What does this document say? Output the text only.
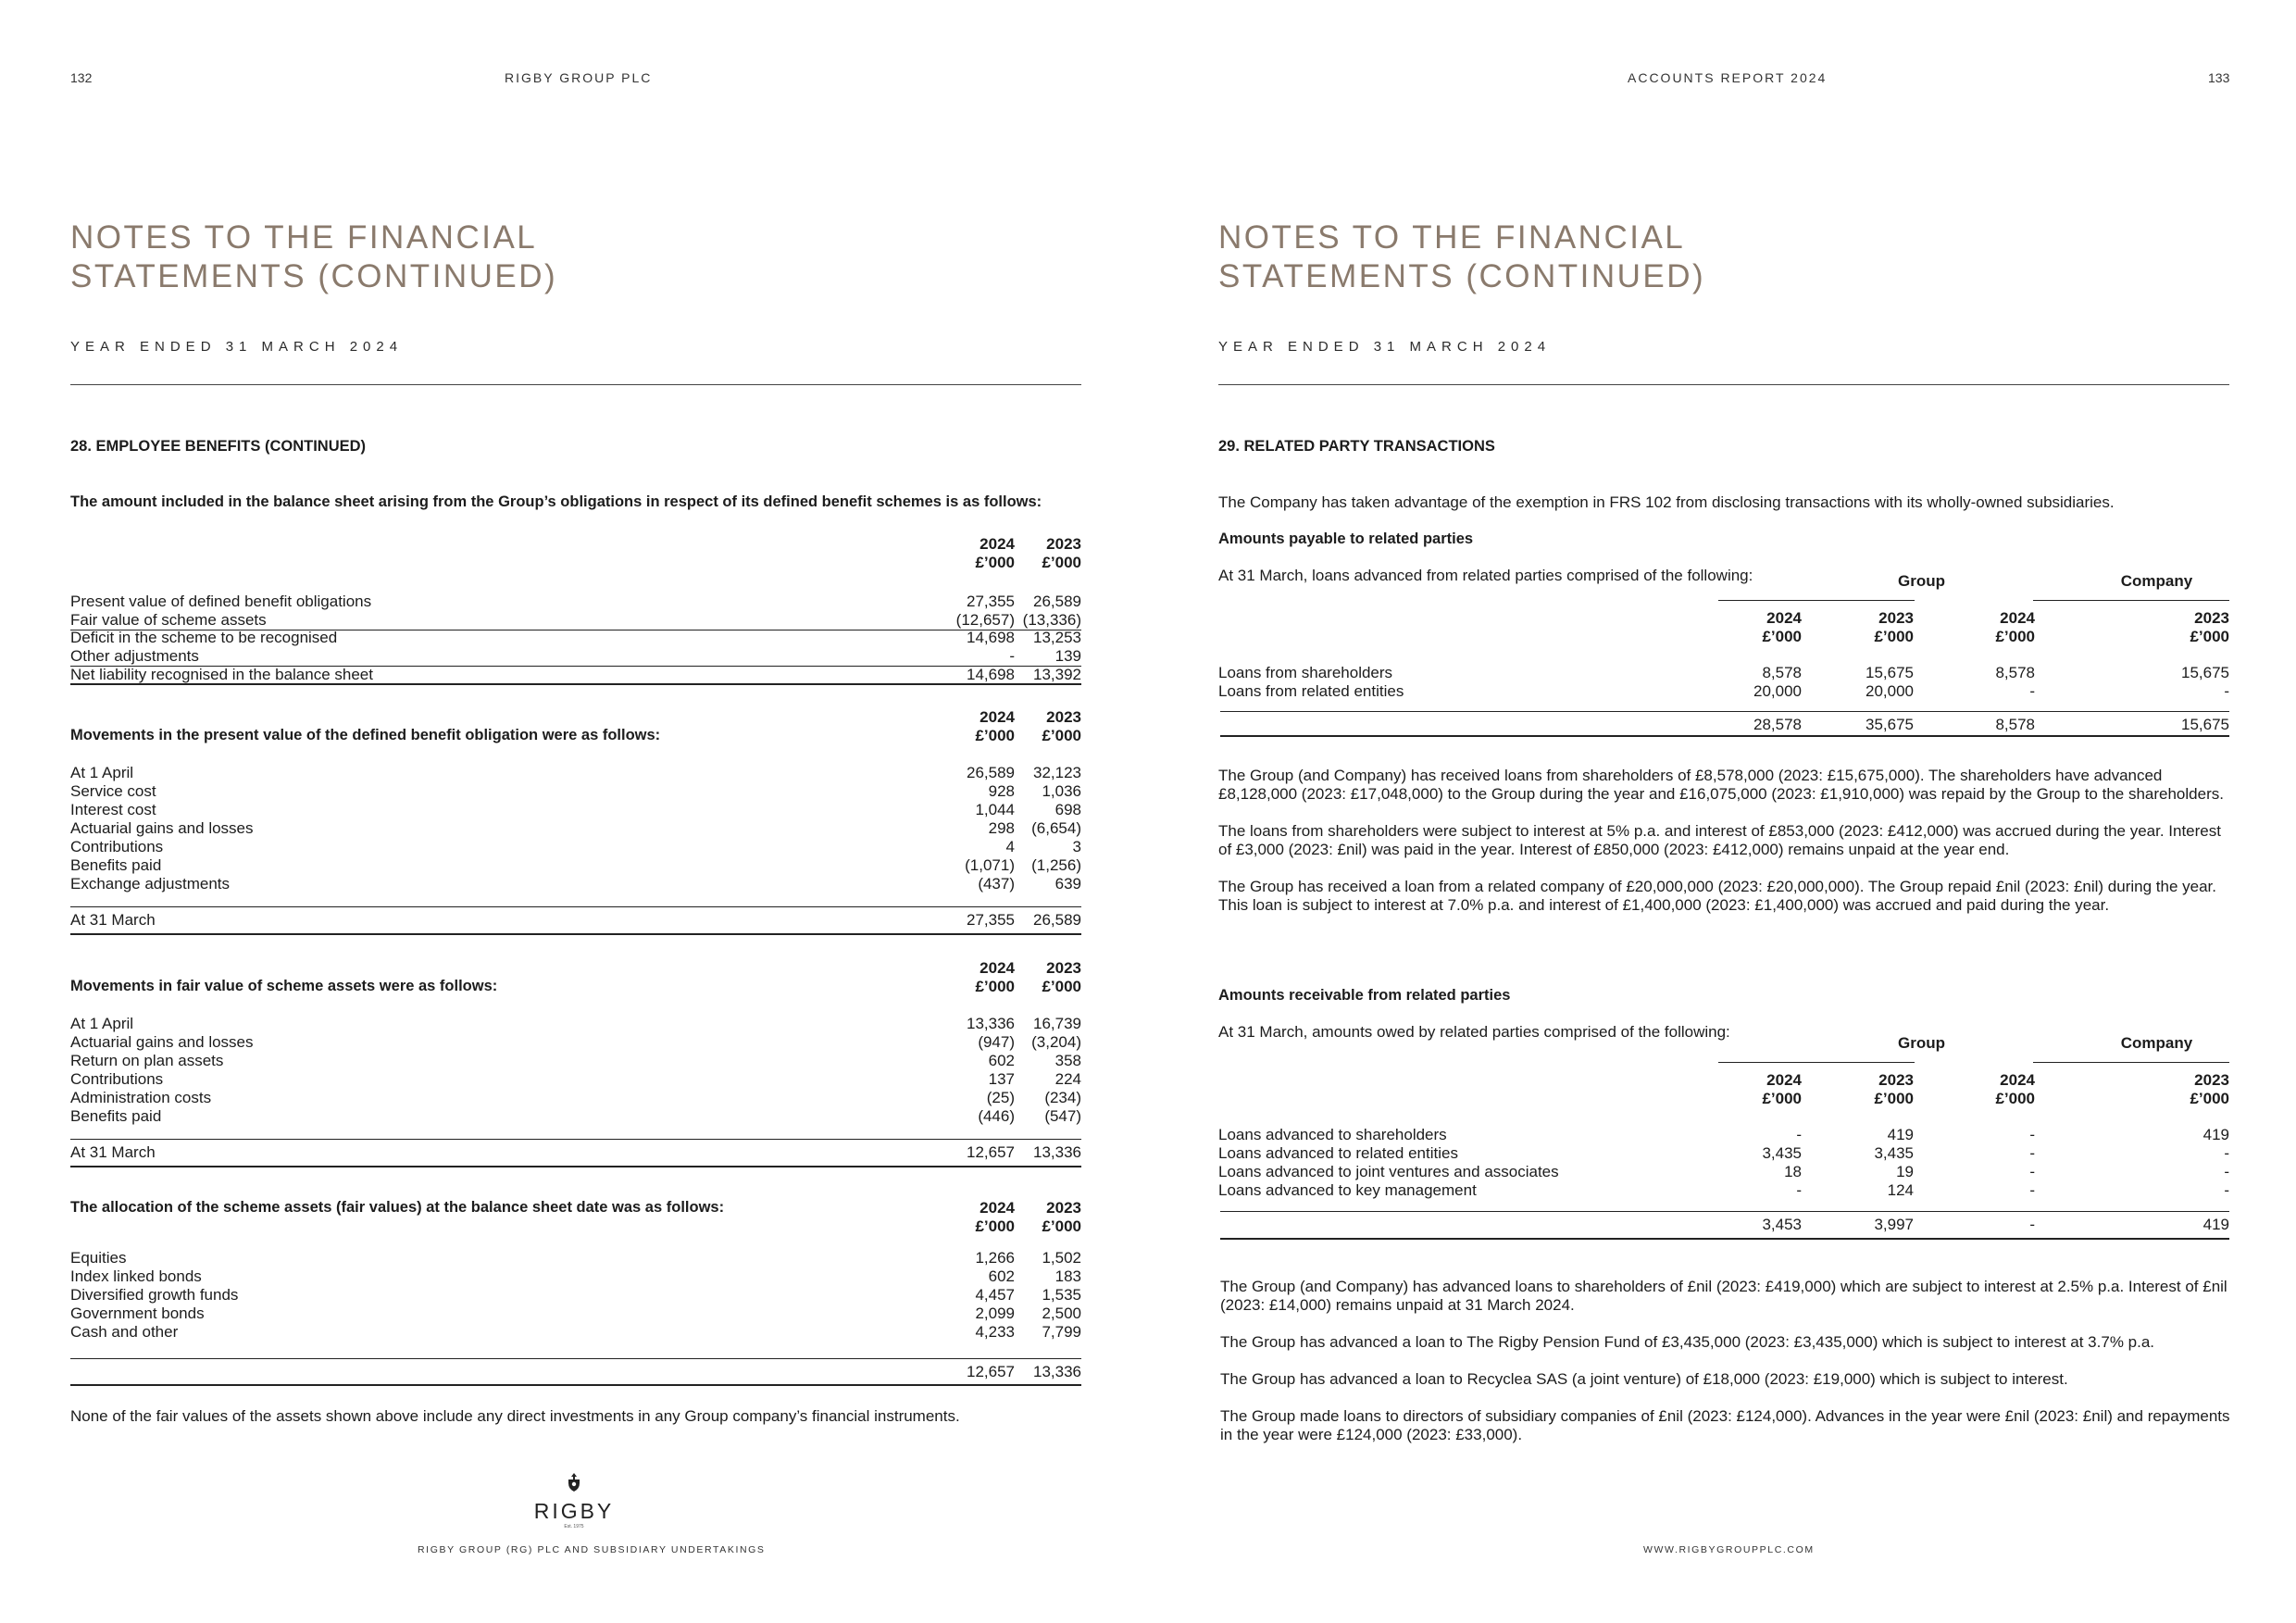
132	RIGBY GROUP PLC
NOTES TO THE FINANCIAL
STATEMENTS (CONTINUED)
YEAR ENDED 31 MARCH 2024
28. EMPLOYEE BENEFITS (CONTINUED)
The amount included in the balance sheet arising from the Group’s obligations in respect of its defined benefit schemes is as follows:
2024
£’000
2023
£’000
Present value of defined benefit obligations	27,355	26,589
Fair value of scheme assets	(12,657) (13,336)
Deficit in the scheme to be recognised	14,698	13,253
Other adjustments	-	139
Net liability recognised in the balance sheet	14,698	13,392
2024
£’000
2023
£’000
Movements in the present value of the defined benefit obligation were as follows:
At 1 April	26,589	32,123
Service cost	928	1,036
Interest cost	1,044	698
Actuarial gains and losses	298	(6,654)
Contributions	4	3
Benefits paid	(1,071)	(1,256)
Exchange adjustments	(437)	639
At 31 March	27,355	26,589
2024
£’000
2023
£’000
Movements in fair value of scheme assets were as follows:
At 1 April	13,336	16,739
Actuarial gains and losses	(947)	(3,204)
Return on plan assets	602	358
Contributions	137	224
Administration costs	(25)	(234)
Benefits paid	(446)	(547)
At 31 March	12,657	13,336
The allocation of the scheme assets (fair values) at the balance sheet date was as follows:	2024
£’000
2023
£’000
Equities	1,266	1,502
Index linked bonds	602	183
Diversified growth funds	4,457	1,535
Government bonds	2,099	2,500
Cash and other	4,233	7,799
12,657	13,336
None of the fair values of the assets shown above include any direct investments in any Group company’s financial instruments.
RIGBY
Est. 1975
RIGBY GROUP (RG) PLC AND SUBSIDIARY UNDERTAKINGS
ACCOUNTS REPORT 2024	133
NOTES TO THE FINANCIAL
STATEMENTS (CONTINUED)
YEAR ENDED 31 MARCH 2024
29. RELATED PARTY TRANSACTIONS
The Company has taken advantage of the exemption in FRS 102 from disclosing transactions with its wholly-owned subsidiaries.
Amounts payable to related parties
At 31 March, loans advanced from related parties comprised of the following:	Group	Company
2024
£’000
2023
£’000
2024
£’000
2023
£’000
Loans from shareholders	8,578	15,675	8,578	15,675
Loans from related entities	20,000	20,000	-	-
28,578	35,675	8,578	15,675
The Group (and Company) has received loans from shareholders of £8,578,000 (2023: £15,675,000). The shareholders have advanced £8,128,000 (2023: £17,048,000) to the Group during the year and £16,075,000 (2023: £1,910,000) was repaid by the Group to the shareholders.
The loans from shareholders were subject to interest at 5% p.a. and interest of £853,000 (2023: £412,000) was accrued during the year. Interest of £3,000 (2023: £nil) was paid in the year. Interest of £850,000 (2023: £412,000) remains unpaid at the year end.
The Group has received a loan from a related company of £20,000,000 (2023: £20,000,000). The Group repaid £nil (2023: £nil) during the year. This loan is subject to interest at 7.0% p.a. and interest of £1,400,000 (2023: £1,400,000) was accrued and paid during the year.
Amounts receivable from related parties
At 31 March, amounts owed by related parties comprised of the following:
Group	Company
2024
£’000
2023
£’000
2024
£’000
2023
£’000
Loans advanced to shareholders	-	419	-	419
Loans advanced to related entities	3,435	3,435	-	-
Loans advanced to joint ventures and associates	18	19	-	-
Loans advanced to key management	-	124	-	-
3,453	3,997	-	419
The Group (and Company) has advanced loans to shareholders of £nil (2023: £419,000) which are subject to interest at 2.5% p.a. Interest of £nil (2023: £14,000) remains unpaid at 31 March 2024.
The Group has advanced a loan to The Rigby Pension Fund of £3,435,000 (2023: £3,435,000) which is subject to interest at 3.7% p.a.
The Group has advanced a loan to Recyclea SAS (a joint venture) of £18,000 (2023: £19,000) which is subject to interest.
The Group made loans to directors of subsidiary companies of £nil (2023: £124,000). Advances in the year were £nil (2023: £nil) and repayments in the year were £124,000 (2023: £33,000).
WWW.RIGBYGROUPPLC.COM
